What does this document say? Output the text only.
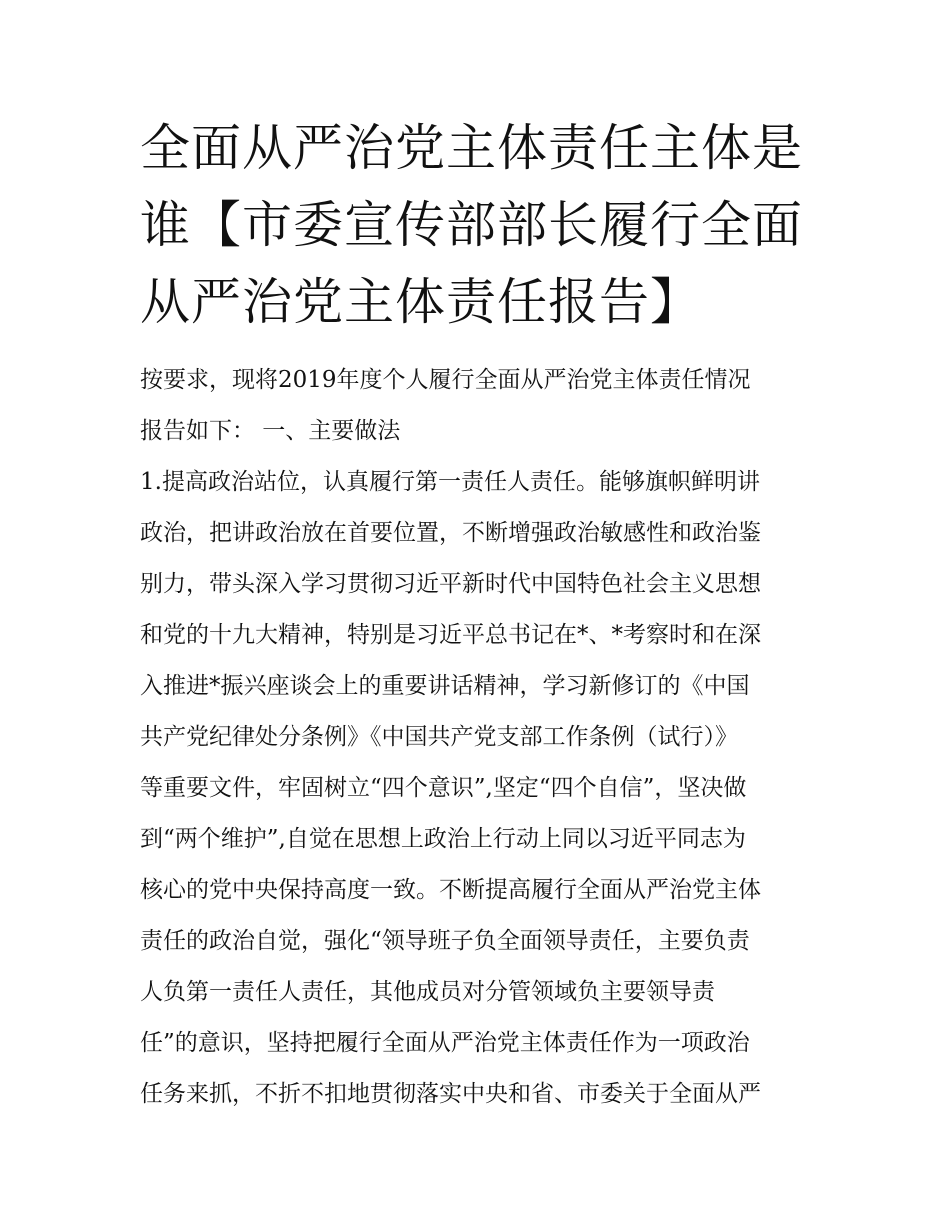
全面从严治党主体责任主体是
谁【市委宣传部部长履行全面
从严治党主体责任报告】
按要求，现将2019年度个人履行全面从严治党主体责任情况
报告如下： 一、主要做法
1.提高政治站位，认真履行第一责任人责任。能够旗帜鲜明讲
政治，把讲政治放在首要位置，不断增强政治敏感性和政治鉴
别力，带头深入学习贯彻习近平新时代中国特色社会主义思想
和党的十九大精神，特别是习近平总书记在*、*考察时和在深
入推进*振兴座谈会上的重要讲话精神，学习新修订的《中国
共产党纪律处分条例》《中国共产党支部工作条例（试行）》
等重要文件，牢固树立“四个意识”,坚定“四个自信”，坚决做
到“两个维护”,自觉在思想上政治上行动上同以习近平同志为
核心的党中央保持高度一致。不断提高履行全面从严治党主体
责任的政治自觉，强化“领导班子负全面领导责任，主要负责
人负第一责任人责任，其他成员对分管领域负主要领导责
任”的意识，坚持把履行全面从严治党主体责任作为一项政治
任务来抓，不折不扣地贯彻落实中央和省、市委关于全面从严
